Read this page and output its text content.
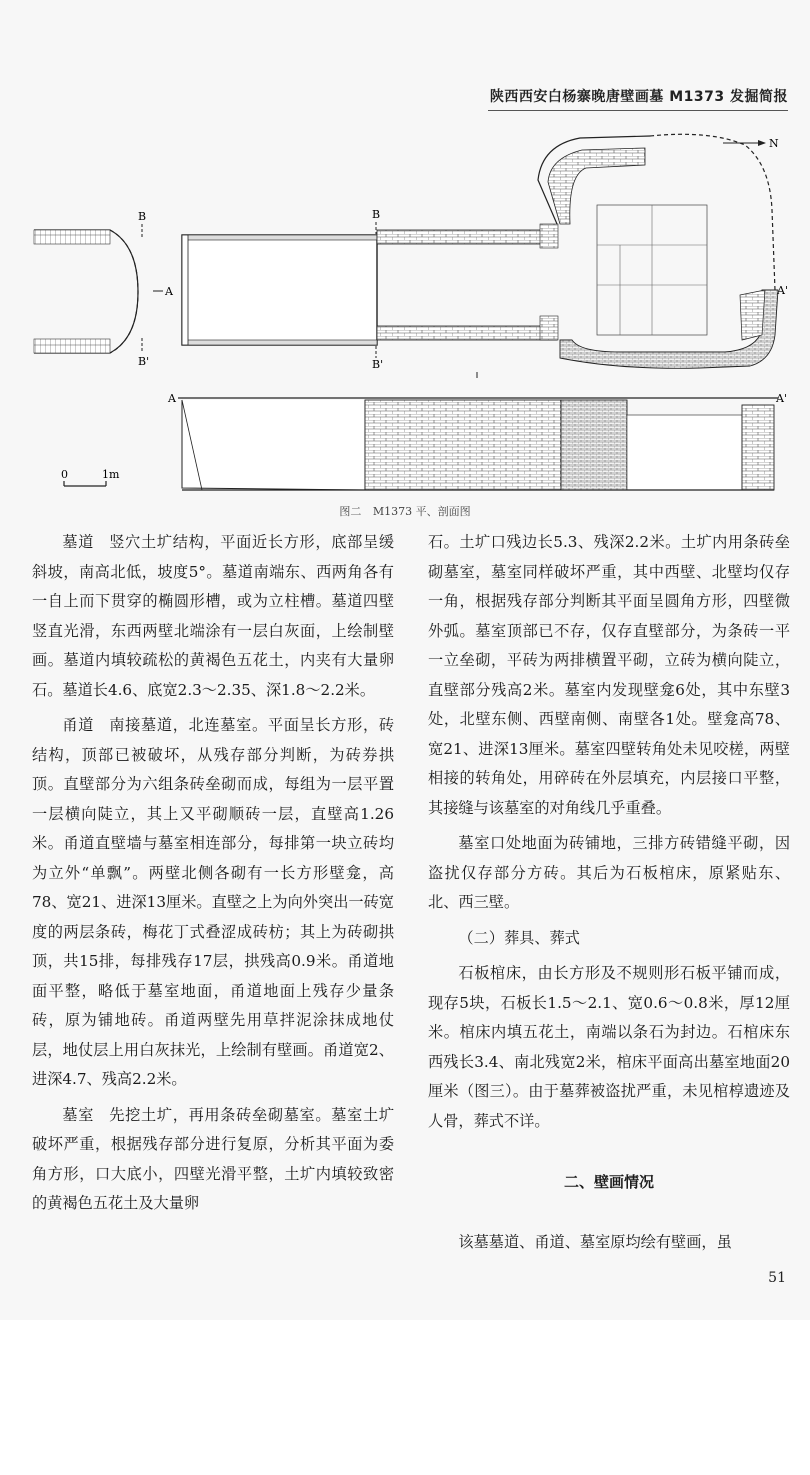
陕西西安白杨寨晚唐壁画墓 M1373 发掘简报
N
B
B'
A
B
B'
A'
A	A'
0	1m
图二 M1373 平、剖面图

墓道 竖穴土圹结构，平面近长方形，底部呈缓斜坡，南高北低，坡度5°。墓道南端东、西两角各有一自上而下贯穿的椭圆形槽，或为立柱槽。墓道四壁竖直光滑，东西两壁北端涂有一层白灰面，上绘制壁画。墓道内填较疏松的黄褐色五花土，内夹有大量卵石。墓道长4.6、底宽2.3～2.35、深1.8～2.2米。

甬道 南接墓道，北连墓室。平面呈长方形，砖结构，顶部已被破坏，从残存部分判断，为砖券拱顶。直壁部分为六组条砖垒砌而成，每组为一层平置一层横向陡立，其上又平砌顺砖一层，直壁高1.26米。甬道直壁墙与墓室相连部分，每排第一块立砖均为立外“单飘”。两壁北侧各砌有一长方形壁龛，高78、宽21、进深13厘米。直壁之上为向外突出一砖宽度的两层条砖，梅花丁式叠涩成砖枋；其上为砖砌拱顶，共15排，每排残存17层，拱残高0.9米。甬道地面平整，略低于墓室地面，甬道地面上残存少量条砖，原为铺地砖。甬道两壁先用草拌泥涂抹成地仗层，地仗层上用白灰抹光，上绘制有壁画。甬道宽2、进深4.7、残高2.2米。

墓室 先挖土圹，再用条砖垒砌墓室。墓室土圹破坏严重，根据残存部分进行复原，分析其平面为委角方形，口大底小，四壁光滑平整，土圹内填较致密的黄褐色五花土及大量卵

石。土圹口残边长5.3、残深2.2米。土圹内用条砖垒砌墓室，墓室同样破坏严重，其中西壁、北壁均仅存一角，根据残存部分判断其平面呈圆角方形，四壁微外弧。墓室顶部已不存，仅存直壁部分，为条砖一平一立垒砌，平砖为两排横置平砌，立砖为横向陡立，直壁部分残高2米。墓室内发现壁龛6处，其中东壁3处，北壁东侧、西壁南侧、南壁各1处。壁龛高78、宽21、进深13厘米。墓室四壁转角处未见咬槎，两壁相接的转角处，用碎砖在外层填充，内层接口平整，其接缝与该墓室的对角线几乎重叠。

墓室口处地面为砖铺地，三排方砖错缝平砌，因盗扰仅存部分方砖。其后为石板棺床，原紧贴东、北、西三壁。

（二）葬具、葬式

石板棺床，由长方形及不规则形石板平铺而成，现存5块，石板长1.5～2.1、宽0.6～0.8米，厚12厘米。棺床内填五花土，南端以条石为封边。石棺床东西残长3.4、南北残宽2米，棺床平面高出墓室地面20厘米（图三）。由于墓葬被盗扰严重，未见棺椁遗迹及人骨，葬式不详。

二、壁画情况

该墓墓道、甬道、墓室原均绘有壁画，虽

51
